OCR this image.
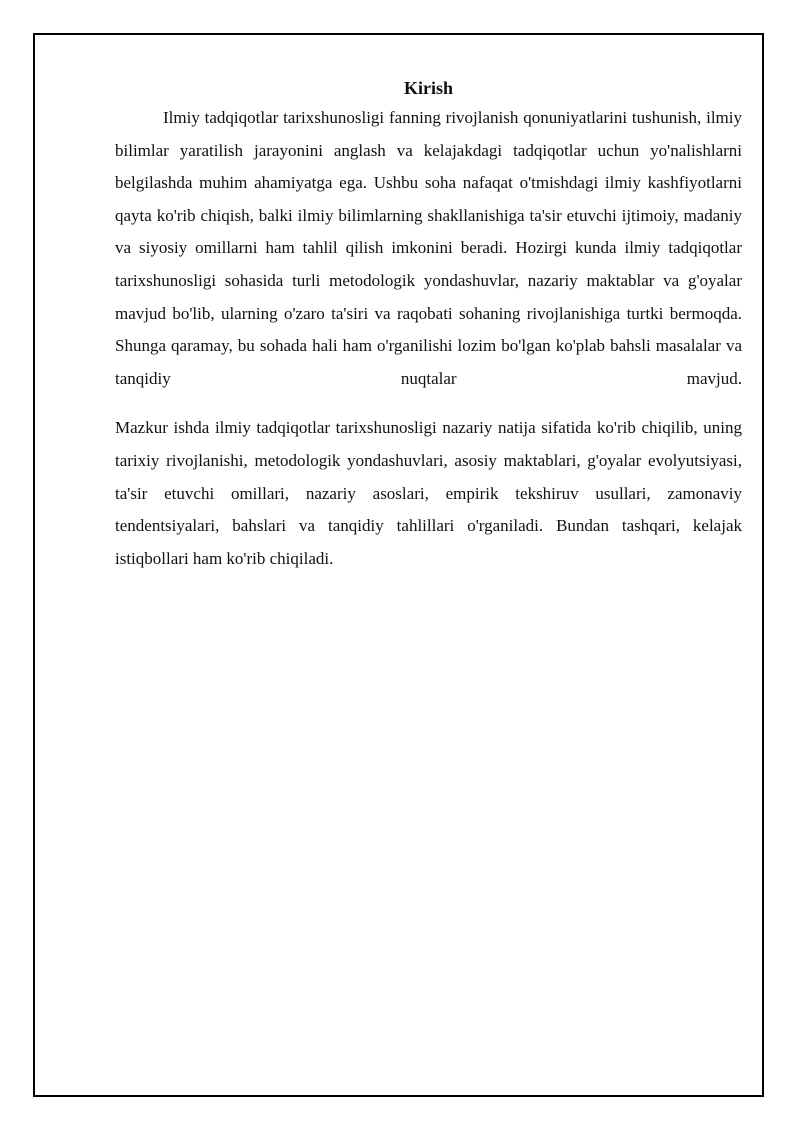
Kirish

Ilmiy tadqiqotlar tarixshunosligi fanning rivojlanish qonuniyatlarini tushunish, ilmiy bilimlar yaratilish jarayonini anglash va kelajakdagi tadqiqotlar uchun yo'nalishlarni belgilashda muhim ahamiyatga ega. Ushbu soha nafaqat o'tmishdagi ilmiy kashfiyotlarni qayta ko'rib chiqish, balki ilmiy bilimlarning shakllanishiga ta'sir etuvchi ijtimoiy, madaniy va siyosiy omillarni ham tahlil qilish imkonini beradi. Hozirgi kunda ilmiy tadqiqotlar tarixshunosligi sohasida turli metodologik yondashuvlar, nazariy maktablar va g'oyalar mavjud bo'lib, ularning o'zaro ta'siri va raqobati sohaning rivojlanishiga turtki bermoqda. Shunga qaramay, bu sohada hali ham o'rganilishi lozim bo'lgan ko'plab bahsli masalalar va tanqidiy nuqtalar mavjud.

Mazkur ishda ilmiy tadqiqotlar tarixshunosligi nazariy natija sifatida ko'rib chiqilib, uning tarixiy rivojlanishi, metodologik yondashuvlari, asosiy maktablari, g'oyalar evolyutsiyasi, ta'sir etuvchi omillari, nazariy asoslari, empirik tekshiruv usullari, zamonaviy tendentsiyalari, bahslari va tanqidiy tahlillari o'rganiladi. Bundan tashqari, kelajak istiqbollari ham ko'rib chiqiladi.
